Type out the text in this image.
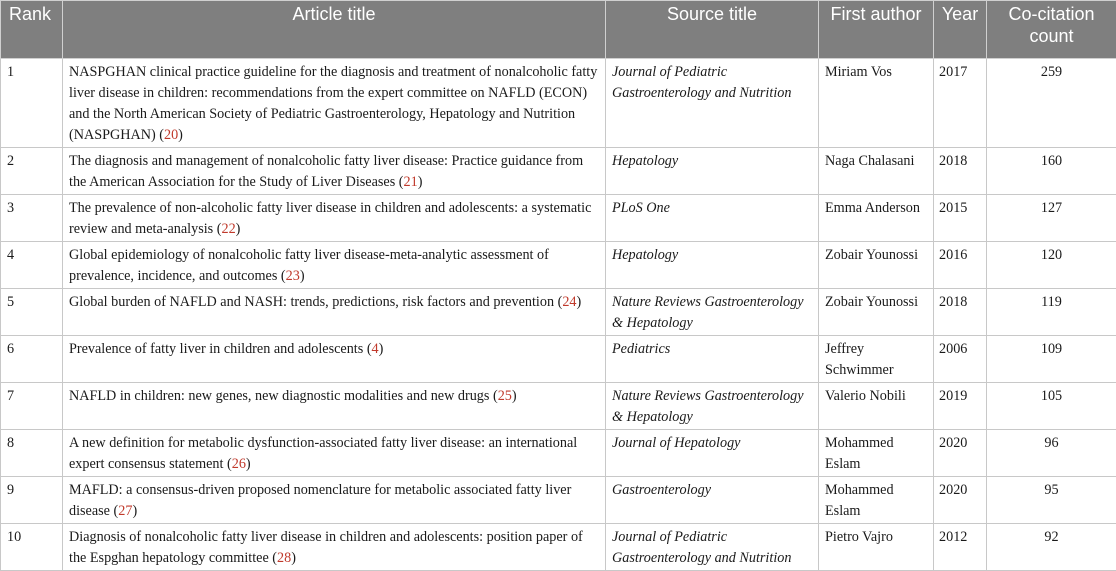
Rank	Article title	Source title	First author	Year	Co-citation count
1	NASPGHAN clinical practice guideline for the diagnosis and treatment of nonalcoholic fatty liver disease in children: recommendations from the expert committee on NAFLD (ECON) and the North American Society of Pediatric Gastroenterology, Hepatology and Nutrition (NASPGHAN) (20)	Journal of Pediatric Gastroenterology and Nutrition	Miriam Vos	2017	259
2	The diagnosis and management of nonalcoholic fatty liver disease: Practice guidance from the American Association for the Study of Liver Diseases (21)	Hepatology	Naga Chalasani	2018	160
3	The prevalence of non-alcoholic fatty liver disease in children and adolescents: a systematic review and meta-analysis (22)	PLoS One	Emma Anderson	2015	127
4	Global epidemiology of nonalcoholic fatty liver disease-meta-analytic assessment of prevalence, incidence, and outcomes (23)	Hepatology	Zobair Younossi	2016	120
5	Global burden of NAFLD and NASH: trends, predictions, risk factors and prevention (24)	Nature Reviews Gastroenterology & Hepatology	Zobair Younossi	2018	119
6	Prevalence of fatty liver in children and adolescents (4)	Pediatrics	Jeffrey Schwimmer	2006	109
7	NAFLD in children: new genes, new diagnostic modalities and new drugs (25)	Nature Reviews Gastroenterology & Hepatology	Valerio Nobili	2019	105
8	A new definition for metabolic dysfunction-associated fatty liver disease: an international expert consensus statement (26)	Journal of Hepatology	Mohammed Eslam	2020	96
9	MAFLD: a consensus-driven proposed nomenclature for metabolic associated fatty liver disease (27)	Gastroenterology	Mohammed Eslam	2020	95
10	Diagnosis of nonalcoholic fatty liver disease in children and adolescents: position paper of the Espghan hepatology committee (28)	Journal of Pediatric Gastroenterology and Nutrition	Pietro Vajro	2012	92
